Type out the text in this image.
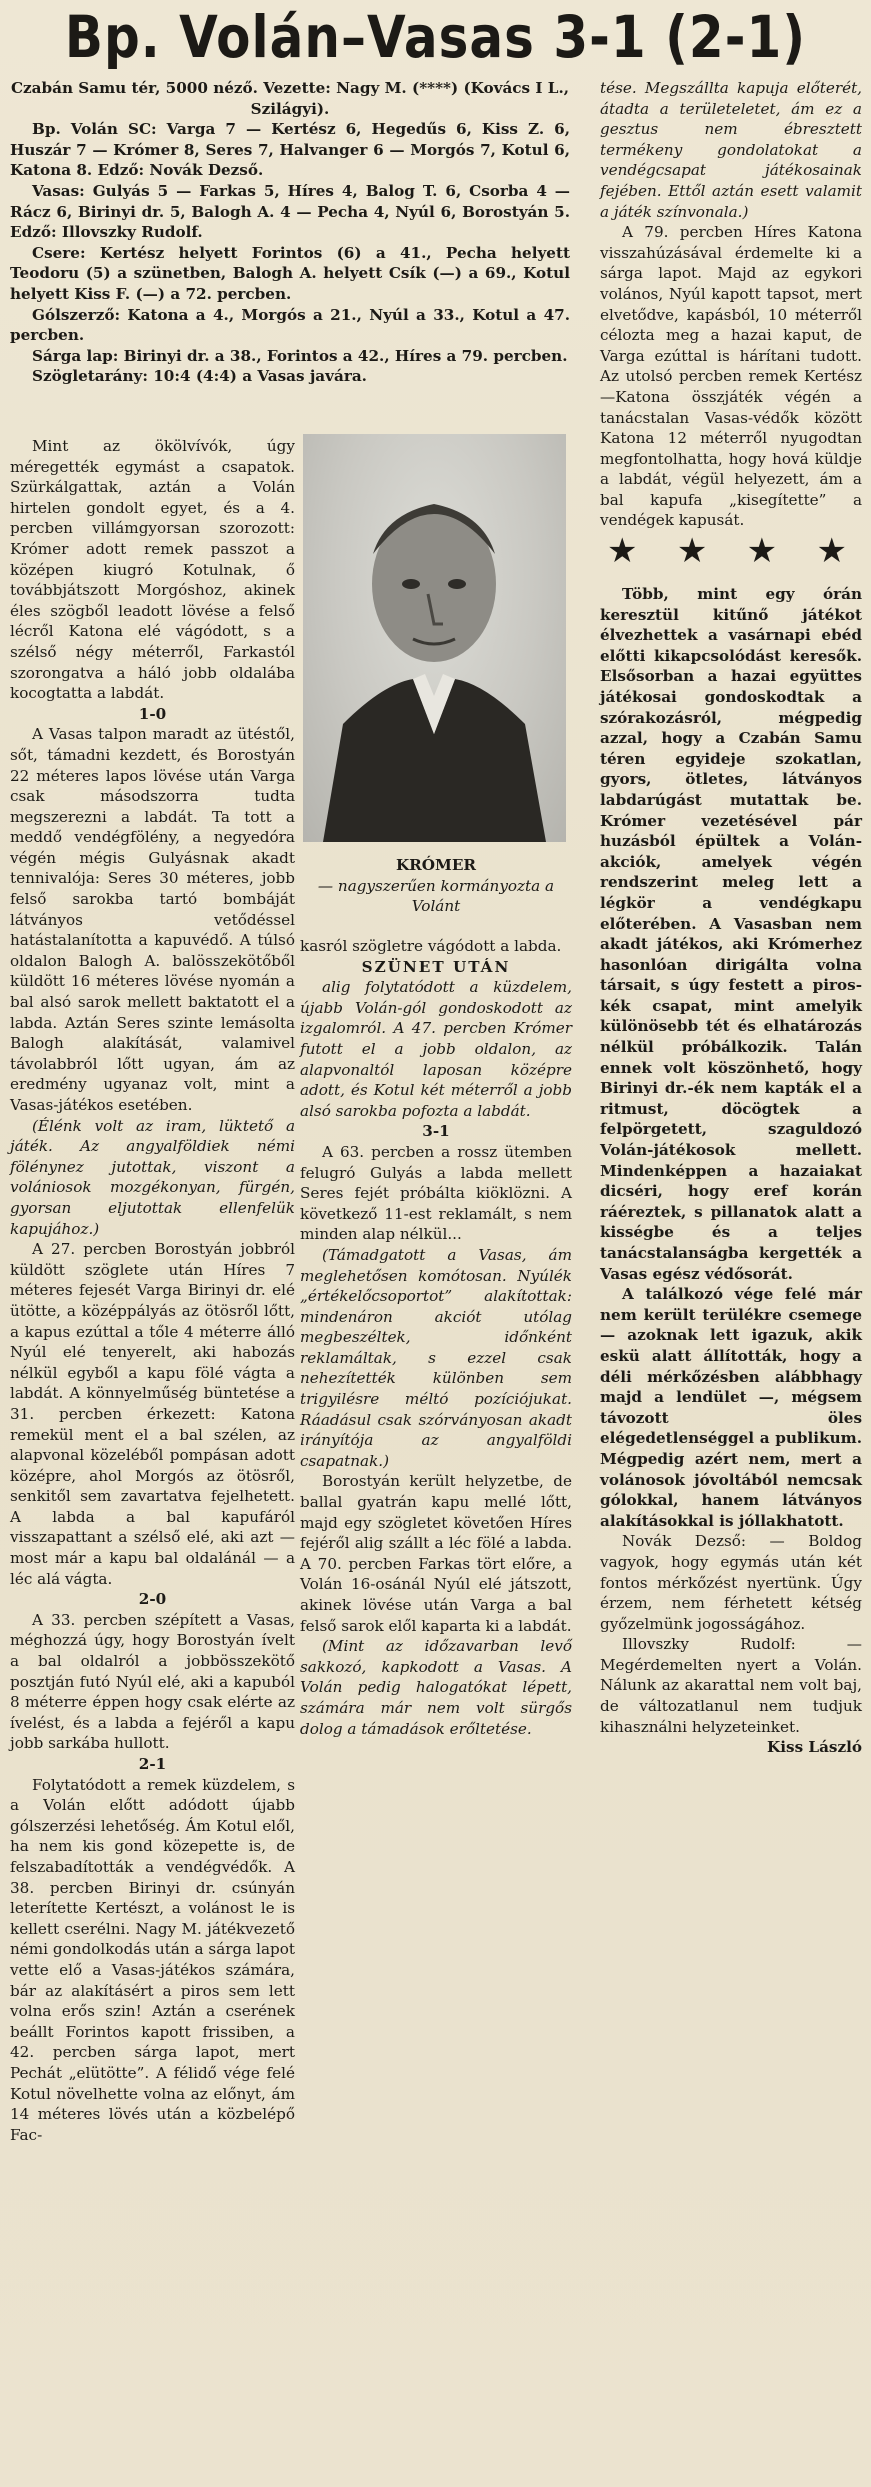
Bp. Volán–Vasas 3-1 (2-1)

Czabán Samu tér, 5000 néző. Vezette: Nagy M. (****) (Kovács I L., Szilágyi).

Bp. Volán SC: Varga 7 — Kertész 6, Hegedűs 6, Kiss Z. 6, Huszár 7 — Krómer 8, Seres 7, Halvanger 6 — Morgós 7, Kotul 6, Katona 8. Edző: Novák Dezső.

Vasas: Gulyás 5 — Farkas 5, Híres 4, Balog T. 6, Csorba 4 — Rácz 6, Birinyi dr. 5, Balogh A. 4 — Pecha 4, Nyúl 6, Borostyán 5. Edző: Illovszky Rudolf.

Csere: Kertész helyett Forintos (6) a 41., Pecha helyett Teodoru (5) a szünetben, Balogh A. helyett Csík (—) a 69., Kotul helyett Kiss F. (—) a 72. percben.

Gólszerző: Katona a 4., Morgós a 21., Nyúl a 33., Kotul a 47. percben.

Sárga lap: Birinyi dr. a 38., Forintos a 42., Híres a 79. percben.

Szögletarány: 10:4 (4:4) a Vasas javára.

Mint az ökölvívók, úgy méregették egymást a csapatok. Szürkálgattak, aztán a Volán hirtelen gondolt egyet, és a 4. percben villámgyorsan szorozott: Krómer adott remek passzot a középen kiugró Kotulnak, ő továbbjátszott Morgóshoz, akinek éles szögből leadott lövése a felső lécről Katona elé vágódott, s a szélső négy méterről, Farkastól szorongatva a háló jobb oldalába kocogtatta a labdát.

1-0

A Vasas talpon maradt az ütéstől, sőt, támadni kezdett, és Borostyán 22 méteres lapos lövése után Varga csak másodszorra tudta megszerezni a labdát. Ta tott a meddő vendégfölény, a negyedóra végén mégis Gulyásnak akadt tennivalója: Seres 30 méteres, jobb felső sarokba tartó bombáját látványos vetődéssel hatástalanította a kapuvédő. A túlsó oldalon Balogh A. balösszekötőből küldött 16 méteres lövése nyomán a bal alsó sarok mellett baktatott el a labda. Aztán Seres szinte lemásolta Balogh alakítását, valamivel távolabbról lőtt ugyan, ám az eredmény ugyanaz volt, mint a Vasas-játékos esetében.

(Élénk volt az iram, lüktető a játék. Az angyalföldiek némi fölénynez jutottak, viszont a volániosok mozgékonyan, fürgén, gyorsan eljutottak ellenfelük kapujához.)

A 27. percben Borostyán jobbról küldött szöglete után Híres 7 méteres fejesét Varga Birinyi dr. elé ütötte, a középpályás az ötösről lőtt, a kapus ezúttal a tőle 4 méterre álló Nyúl elé tenyerelt, aki habozás nélkül egyből a kapu fölé vágta a labdát. A könnyelműség büntetése a 31. percben érkezett: Katona remekül ment el a bal szélen, az alapvonal közeléből pompásan adott középre, ahol Morgós az ötösről, senkitől sem zavartatva fejelhetett. A labda a bal kapufáról visszapattant a szélső elé, aki azt — most már a kapu bal oldalánál — a léc alá vágta.

2-0

A 33. percben szépített a Vasas, méghozzá úgy, hogy Borostyán ívelt a bal oldalról a jobbösszekötő posztján futó Nyúl elé, aki a kapuból 8 méterre éppen hogy csak elérte az ívelést, és a labda a fejéről a kapu jobb sarkába hullott.

2-1

Folytatódott a remek küzdelem, s a Volán előtt adódott újabb gólszerzési lehetőség. Ám Kotul elől, ha nem kis gond közepette is, de felszabadították a vendégvédők. A 38. percben Birinyi dr. csúnyán leterítette Kertészt, a volánost le is kellett cserélni. Nagy M. játékvezető némi gondolkodás után a sárga lapot vette elő a Vasas-játékos számára, bár az alakításért a piros sem lett volna erős szin! Aztán a cserének beállt Forintos kapott frissiben, a 42. percben sárga lapot, mert Pechát „elütötte”. A félidő vége felé Kotul növelhette volna az előnyt, ám 14 méteres lövés után a közbelépő Fac-

KRÓMER
— nagyszerűen kormányozta a Volánt

kasról szögletre vágódott a labda.

SZÜNET UTÁN

alig folytatódott a küzdelem, újabb Volán-gól gondoskodott az izgalomról. A 47. percben Krómer futott el a jobb oldalon, az alapvonaltól laposan középre adott, és Kotul két méterről a jobb alsó sarokba pofozta a labdát.

3-1

A 63. percben a rossz ütemben felugró Gulyás a labda mellett Seres fejét próbálta kiöklözni. A következő 11-est reklamált, s nem minden alap nélkül...

(Támadgatott a Vasas, ám meglehetősen komótosan. Nyúlék „értékelőcsoportot” alakítottak: mindenáron akciót utólag megbeszéltek, időnként reklamáltak, s ezzel csak nehezítették különben sem trigyilésre méltó pozíciójukat. Ráadásul csak szórványosan akadt irányítója az angyalföldi csapatnak.)

Borostyán került helyzetbe, de ballal gyatrán kapu mellé lőtt, majd egy szögletet követően Híres fejéről alig szállt a léc fölé a labda. A 70. percben Farkas tört előre, a Volán 16-osánál Nyúl elé játszott, akinek lövése után Varga a bal felső sarok elől kaparta ki a labdát.

(Mint az időzavarban levő sakkozó, kapkodott a Vasas. A Volán pedig halogatókat lépett, számára már nem volt sürgős dolog a támadások erőltetése.

tése. Megszállta kapuja előterét, átadta a területeletet, ám ez a gesztus nem ébresztett termékeny gondolatokat a vendégcsapat játékosainak fejében. Ettől aztán esett valamit a játék színvonala.)

A 79. percben Híres Katona visszahúzásával érdemelte ki a sárga lapot. Majd az egykori volános, Nyúl kapott tapsot, mert elvetődve, kapásból, 10 méterről célozta meg a hazai kaput, de Varga ezúttal is hárítani tudott. Az utolsó percben remek Kertész—Katona összjáték végén a tanácstalan Vasas-védők között Katona 12 méterről nyugodtan megfontolhatta, hogy hová küldje a labdát, végül helyezett, ám a bal kapufa „kisegítette” a vendégek kapusát.

★ ★ ★ ★

Több, mint egy órán keresztül kitűnő játékot élvezhettek a vasárnapi ebéd előtti kikapcsolódást keresők. Elsősorban a hazai együttes játékosai gondoskodtak a szórakozásról, mégpedig azzal, hogy a Czabán Samu téren egyideje szokatlan, gyors, ötletes, látványos labdarúgást mutattak be. Krómer vezetésével pár huzásból épültek a Volán-akciók, amelyek végén rendszerint meleg lett a légkör a vendégkapu előterében. A Vasasban nem akadt játékos, aki Krómerhez hasonlóan dirigálta volna társait, s úgy festett a piros-kék csapat, mint amelyik különösebb tét és elhatározás nélkül próbálkozik. Talán ennek volt köszönhető, hogy Birinyi dr.-ék nem kapták el a ritmust, döcögtek a felpörgetett, szaguldozó Volán-játékosok mellett. Mindenképpen a hazaiakat dicséri, hogy eref korán ráéreztek, s pillanatok alatt a kisségbe és a teljes tanácstalanságba kergették a Vasas egész védősorát.

A találkozó vége felé már nem került terülékre csemege — azoknak lett igazuk, akik eskü alatt állították, hogy a déli mérkőzésben alábbhagy majd a lendület —, mégsem távozott öles elégedetlenséggel a publikum. Mégpedig azért nem, mert a volánosok jóvoltából nemcsak gólokkal, hanem látványos alakításokkal is jóllakhatott.

Novák Dezső: — Boldog vagyok, hogy egymás után két fontos mérkőzést nyertünk. Úgy érzem, nem férhetett kétség győzelmünk jogosságához.

Illovszky Rudolf: — Megérdemelten nyert a Volán. Nálunk az akarattal nem volt baj, de változatlanul nem tudjuk kihasználni helyzeteinket.

Kiss László
